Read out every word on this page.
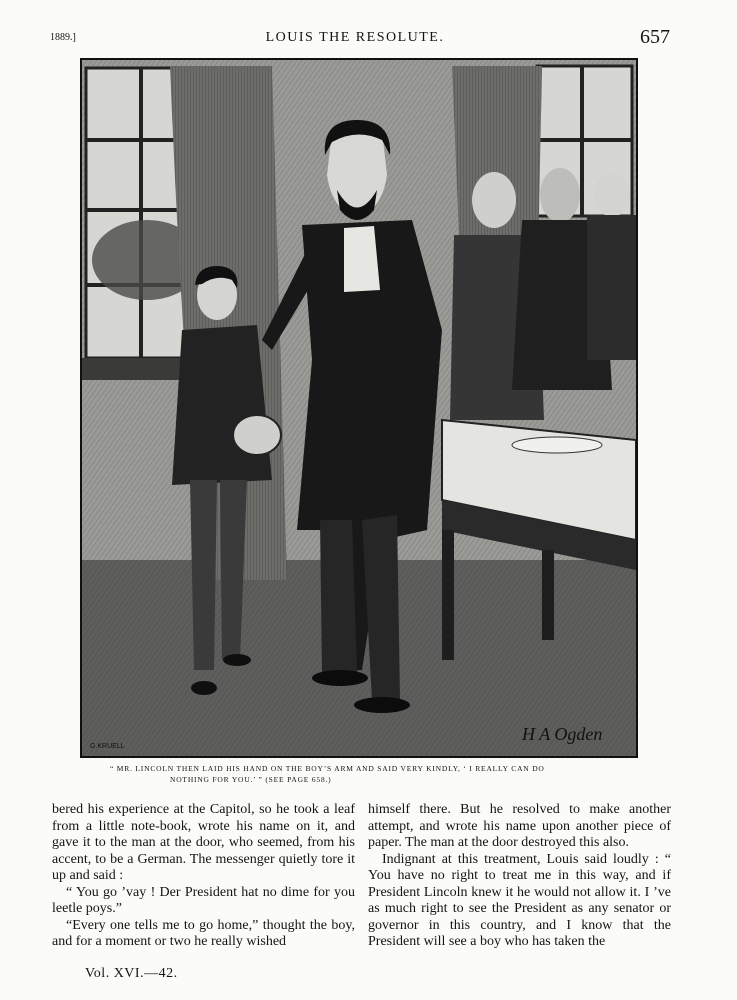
1889.]	LOUIS THE RESOLUTE.	657
G.KRUELL
H A Ogden
“ MR. LINCOLN THEN LAID HIS HAND ON THE BOY’S ARM AND SAID VERY KINDLY, ‘ I REALLY CAN DO
NOTHING FOR YOU.’ ” (SEE PAGE 658.)

bered his experience at the Capitol, so he took a leaf from a little note-book, wrote his name on it, and gave it to the man at the door, who seemed, from his accent, to be a German. The messenger quietly tore it up and said :

“ You go ’vay ! Der President hat no dime for you leetle poys.”

“Every one tells me to go home,” thought the boy, and for a moment or two he really wished

himself there. But he resolved to make another attempt, and wrote his name upon another piece of paper. The man at the door destroyed this also.

Indignant at this treatment, Louis said loudly : “ You have no right to treat me in this way, and if President Lincoln knew it he would not allow it. I ’ve as much right to see the President as any senator or governor in this country, and I know that the President will see a boy who has taken the

Vol. XVI.—42.
